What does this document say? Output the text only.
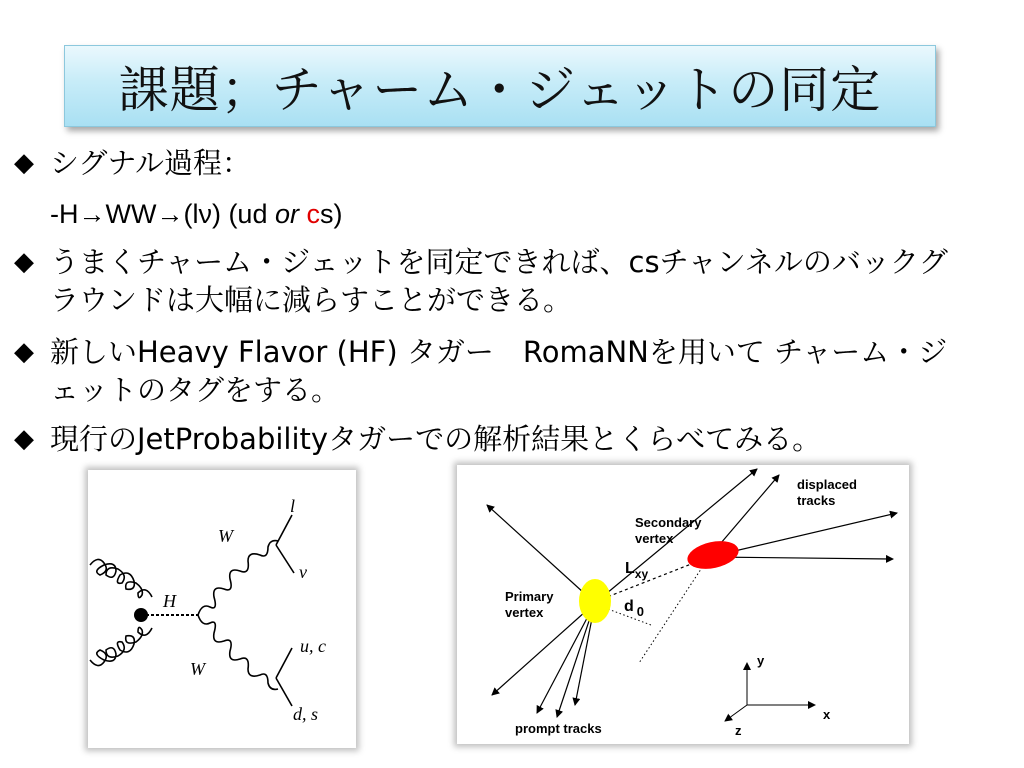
課題；チャーム・ジェットの同定
◆ シグナル過程：
-H→WW→(lν) (ud or cs)
◆ うまくチャーム・ジェットを同定できれば、csチャンネルのバックグラウンドは大幅に減らすことができる。
◆ 新しいHeavy Flavor (HF) タガー　RomaNNを用いて チャーム・ジェットのタグをする。
◆ 現行のJetProbabilityタガーでの解析結果とくらべてみる。
W
W
H
l
ν
u, c
d, s
displaced
tracks
Secondary
vertex
$L_{xy}$
Primary
vertex	d $_0$
prompt tracks
y
x
z
